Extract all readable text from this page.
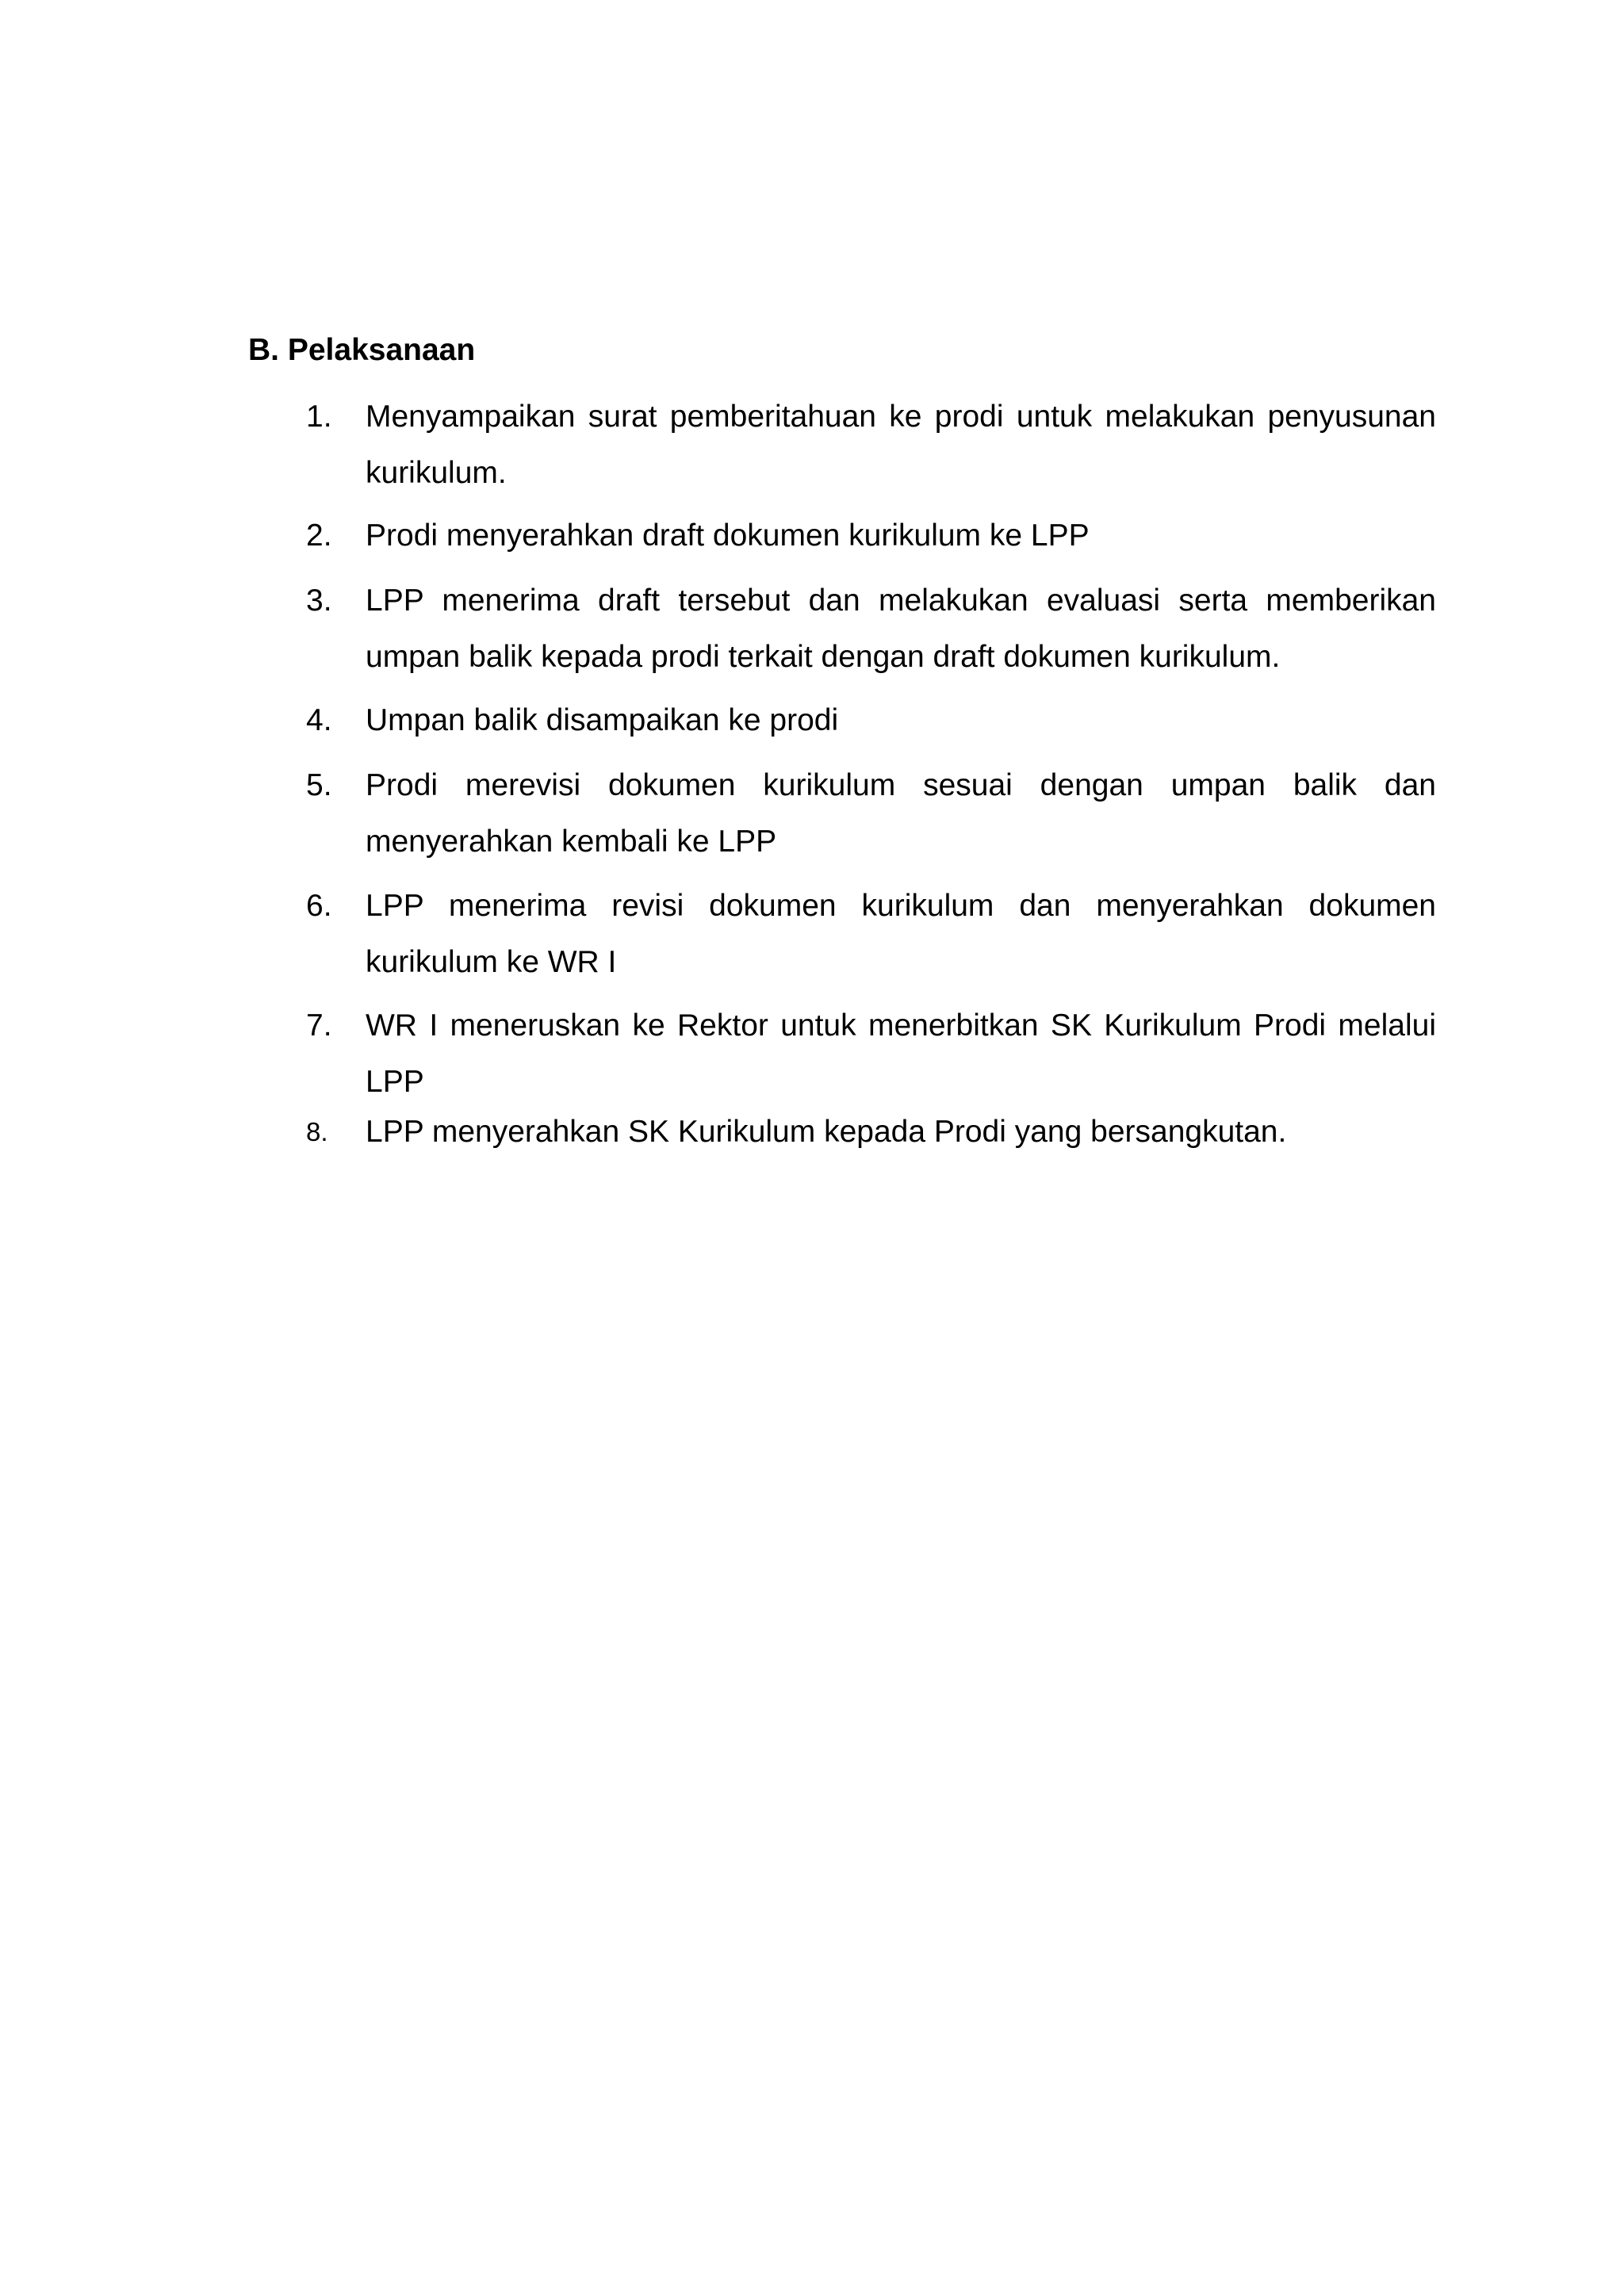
B. Pelaksanaan
1. Menyampaikan surat pemberitahuan ke prodi untuk melakukan penyusunan kurikulum.

2. Prodi menyerahkan draft dokumen kurikulum ke LPP

3. LPP menerima draft tersebut dan melakukan evaluasi serta memberikan umpan balik kepada prodi terkait dengan draft dokumen kurikulum.

4. Umpan balik disampaikan ke prodi

5. Prodi merevisi dokumen kurikulum sesuai dengan umpan balik dan menyerahkan kembali ke LPP

6. LPP menerima revisi dokumen kurikulum dan menyerahkan dokumen kurikulum ke WR I

7. WR I meneruskan ke Rektor untuk menerbitkan SK Kurikulum Prodi melalui LPP

8. LPP menyerahkan SK Kurikulum kepada Prodi yang bersangkutan.
